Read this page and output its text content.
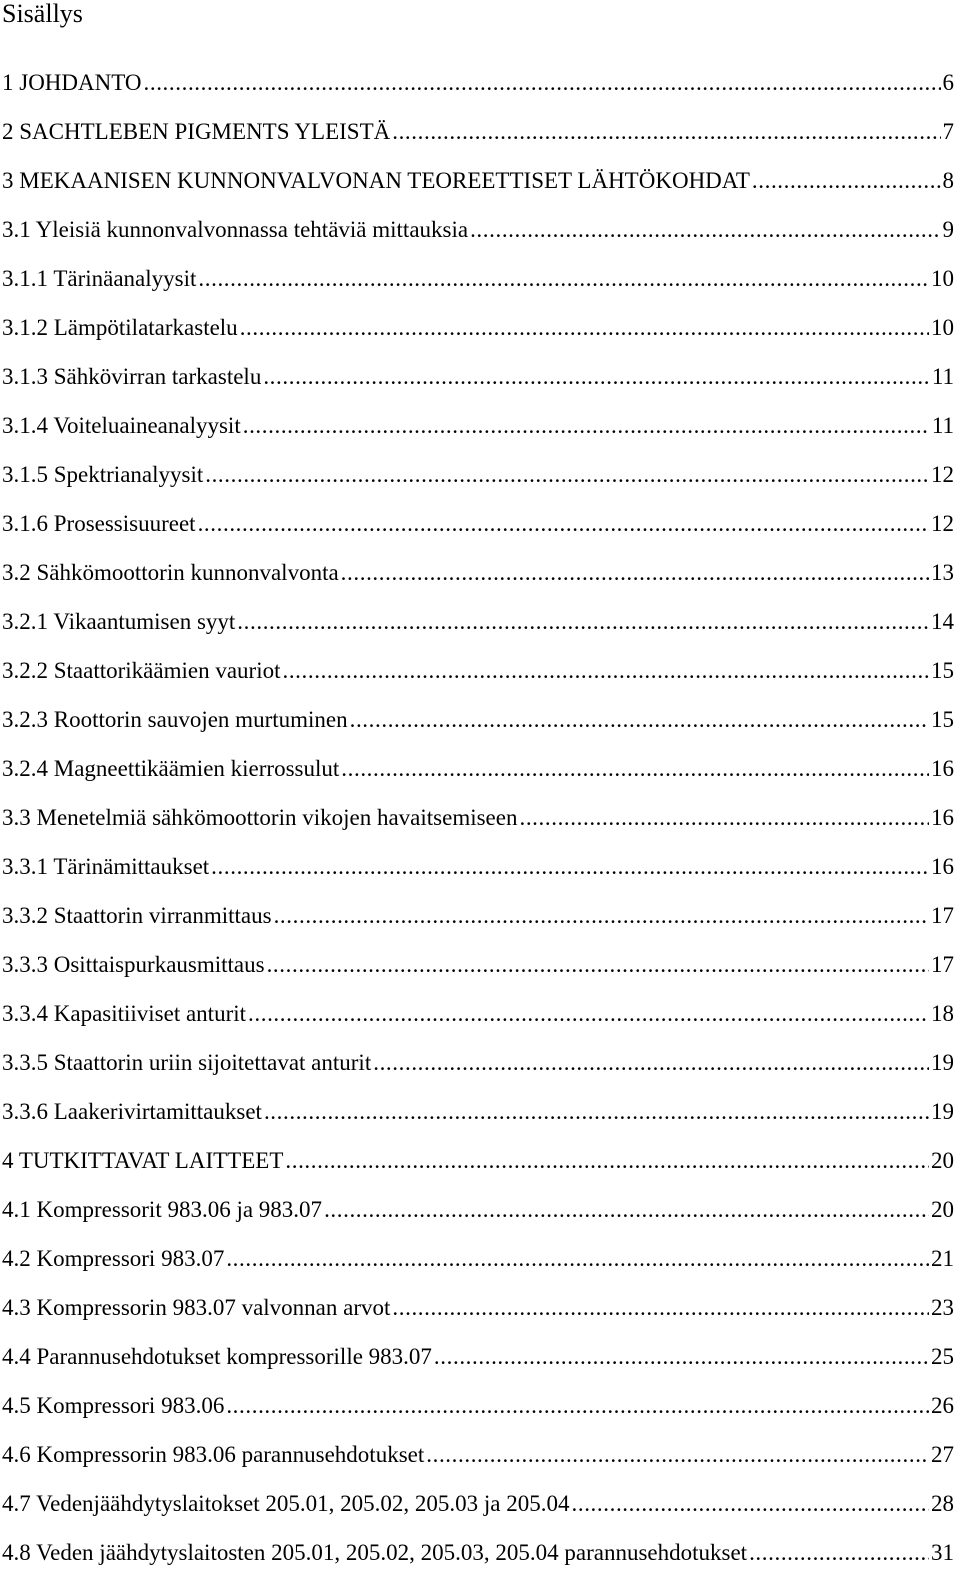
Sisällys
1 JOHDANTO .....	6
2 SACHTLEBEN PIGMENTS YLEISTÄ .....	7
3 MEKAANISEN KUNNONVALVONAN TEOREETTISET LÄHTÖKOHDAT .....	8
3.1 Yleisiä kunnonvalvonnassa tehtäviä mittauksia .....	9
3.1.1 Tärinäanalyysit .....	10
3.1.2 Lämpötilatarkastelu .....	10
3.1.3 Sähkövirran tarkastelu .....	11
3.1.4 Voiteluaineanalyysit .....	11
3.1.5 Spektrianalyysit .....	12
3.1.6 Prosessisuureet .....	12
3.2 Sähkömoottorin kunnonvalvonta .....	13
3.2.1 Vikaantumisen syyt .....	14
3.2.2 Staattorikäämien vauriot .....	15
3.2.3 Roottorin sauvojen murtuminen .....	15
3.2.4 Magneettikäämien kierrossulut .....	16
3.3 Menetelmiä sähkömoottorin vikojen havaitsemiseen .....	16
3.3.1 Tärinämittaukset .....	16
3.3.2 Staattorin virranmittaus .....	17
3.3.3 Osittaispurkausmittaus .....	17
3.3.4 Kapasitiiviset anturit .....	18
3.3.5 Staattorin uriin sijoitettavat anturit .....	19
3.3.6 Laakerivirtamittaukset .....	19
4 TUTKITTAVAT LAITTEET .....	20
4.1 Kompressorit 983.06 ja 983.07 .....	20
4.2 Kompressori 983.07 .....	21
4.3 Kompressorin 983.07 valvonnan arvot .....	23
4.4 Parannusehdotukset kompressorille 983.07 .....	25
4.5 Kompressori 983.06 .....	26
4.6 Kompressorin 983.06 parannusehdotukset .....	27
4.7 Vedenjäähdytyslaitokset 205.01, 205.02, 205.03 ja 205.04 .....	28
4.8 Veden jäähdytyslaitosten 205.01, 205.02, 205.03, 205.04 parannusehdotukset .....	31
